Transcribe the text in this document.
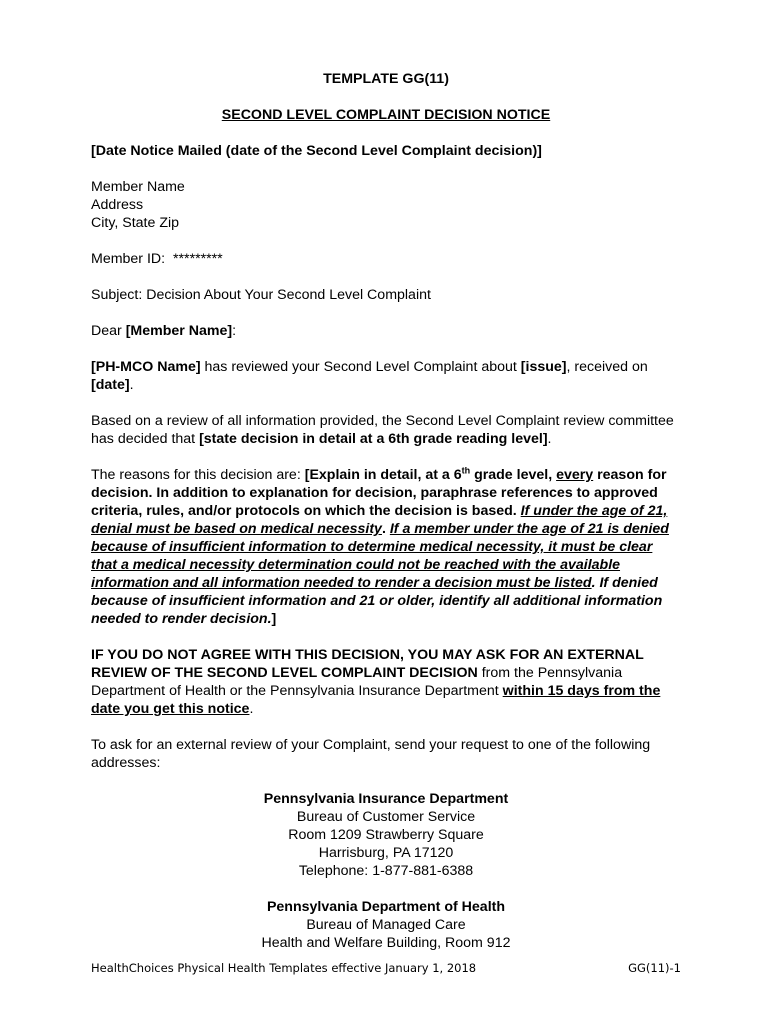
TEMPLATE GG(11)

SECOND LEVEL COMPLAINT DECISION NOTICE

[Date Notice Mailed (date of the Second Level Complaint decision)]

Member Name

Address

City, State Zip

Member ID: *********

Subject: Decision About Your Second Level Complaint

Dear [Member Name]:

[PH-MCO Name] has reviewed your Second Level Complaint about [issue], received on [date].

Based on a review of all information provided, the Second Level Complaint review committee has decided that [state decision in detail at a 6th grade reading level].

The reasons for this decision are: [Explain in detail, at a 6th grade level, every reason for decision. In addition to explanation for decision, paraphrase references to approved criteria, rules, and/or protocols on which the decision is based. If under the age of 21, denial must be based on medical necessity. If a member under the age of 21 is denied because of insufficient information to determine medical necessity, it must be clear that a medical necessity determination could not be reached with the available information and all information needed to render a decision must be listed. If denied because of insufficient information and 21 or older, identify all additional information needed to render decision.]

IF YOU DO NOT AGREE WITH THIS DECISION, YOU MAY ASK FOR AN EXTERNAL REVIEW OF THE SECOND LEVEL COMPLAINT DECISION from the Pennsylvania Department of Health or the Pennsylvania Insurance Department within 15 days from the date you get this notice.

To ask for an external review of your Complaint, send your request to one of the following addresses:

Pennsylvania Insurance Department

Bureau of Customer Service

Room 1209 Strawberry Square

Harrisburg, PA 17120

Telephone: 1-877-881-6388

Pennsylvania Department of Health

Bureau of Managed Care

Health and Welfare Building, Room 912

HealthChoices Physical Health Templates effective January 1, 2018	GG(11)-1
